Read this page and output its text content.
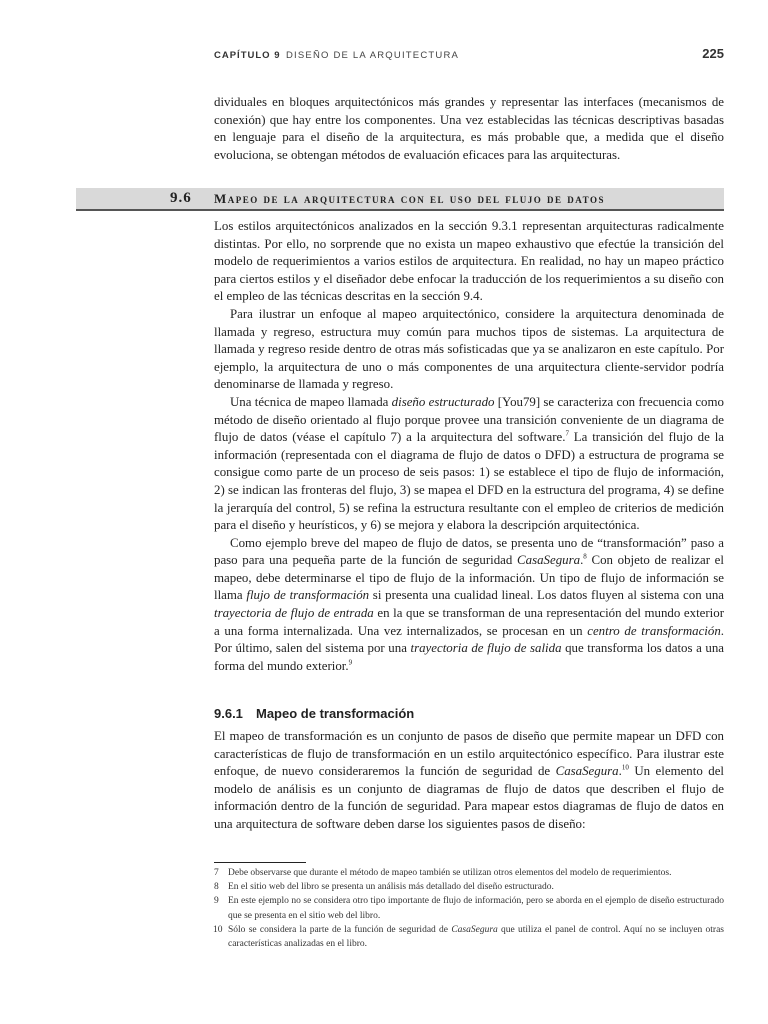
CAPÍTULO 9 DISEÑO DE LA ARQUITECTURA	225

dividuales en bloques arquitectónicos más grandes y representar las interfaces (mecanismos de conexión) que hay entre los componentes. Una vez establecidas las técnicas descriptivas basadas en lenguaje para el diseño de la arquitectura, es más probable que, a medida que el diseño evoluciona, se obtengan métodos de evaluación eficaces para las arquitecturas.

9.6 Mapeo de la arquitectura con el uso del flujo de datos

Los estilos arquitectónicos analizados en la sección 9.3.1 representan arquitecturas radicalmente distintas. Por ello, no sorprende que no exista un mapeo exhaustivo que efectúe la transición del modelo de requerimientos a varios estilos de arquitectura. En realidad, no hay un mapeo práctico para ciertos estilos y el diseñador debe enfocar la traducción de los requerimientos a su diseño con el empleo de las técnicas descritas en la sección 9.4.

Para ilustrar un enfoque al mapeo arquitectónico, considere la arquitectura denominada de llamada y regreso, estructura muy común para muchos tipos de sistemas. La arquitectura de llamada y regreso reside dentro de otras más sofisticadas que ya se analizaron en este capítulo. Por ejemplo, la arquitectura de uno o más componentes de una arquitectura cliente-servidor podría denominarse de llamada y regreso.

Una técnica de mapeo llamada diseño estructurado [You79] se caracteriza con frecuencia como método de diseño orientado al flujo porque provee una transición conveniente de un diagrama de flujo de datos (véase el capítulo 7) a la arquitectura del software.$^7$ La transición del flujo de la información (representada con el diagrama de flujo de datos o DFD) a estructura de programa se consigue como parte de un proceso de seis pasos: 1) se establece el tipo de flujo de información, 2) se indican las fronteras del flujo, 3) se mapea el DFD en la estructura del programa, 4) se define la jerarquía del control, 5) se refina la estructura resultante con el empleo de criterios de medición para el diseño y heurísticos, y 6) se mejora y elabora la descripción arquitectónica.

Como ejemplo breve del mapeo de flujo de datos, se presenta uno de “transformación” paso a paso para una pequeña parte de la función de seguridad CasaSegura.$^8$ Con objeto de realizar el mapeo, debe determinarse el tipo de flujo de la información. Un tipo de flujo de información se llama flujo de transformación si presenta una cualidad lineal. Los datos fluyen al sistema con una trayectoria de flujo de entrada en la que se transforman de una representación del mundo exterior a una forma internalizada. Una vez internalizados, se procesan en un centro de transformación. Por último, salen del sistema por una trayectoria de flujo de salida que transforma los datos a una forma del mundo exterior.$^9$

9.6.1 Mapeo de transformación

El mapeo de transformación es un conjunto de pasos de diseño que permite mapear un DFD con características de flujo de transformación en un estilo arquitectónico específico. Para ilustrar este enfoque, de nuevo consideraremos la función de seguridad de CasaSegura.$^{10}$ Un elemento del modelo de análisis es un conjunto de diagramas de flujo de datos que describen el flujo de información dentro de la función de seguridad. Para mapear estos diagramas de flujo de datos en una arquitectura de software deben darse los siguientes pasos de diseño:

7 Debe observarse que durante el método de mapeo también se utilizan otros elementos del modelo de requerimientos.
8 En el sitio web del libro se presenta un análisis más detallado del diseño estructurado.
9 En este ejemplo no se considera otro tipo importante de flujo de información, pero se aborda en el ejemplo de diseño estructurado que se presenta en el sitio web del libro.
10 Sólo se considera la parte de la función de seguridad de CasaSegura que utiliza el panel de control. Aquí no se incluyen otras características analizadas en el libro.
